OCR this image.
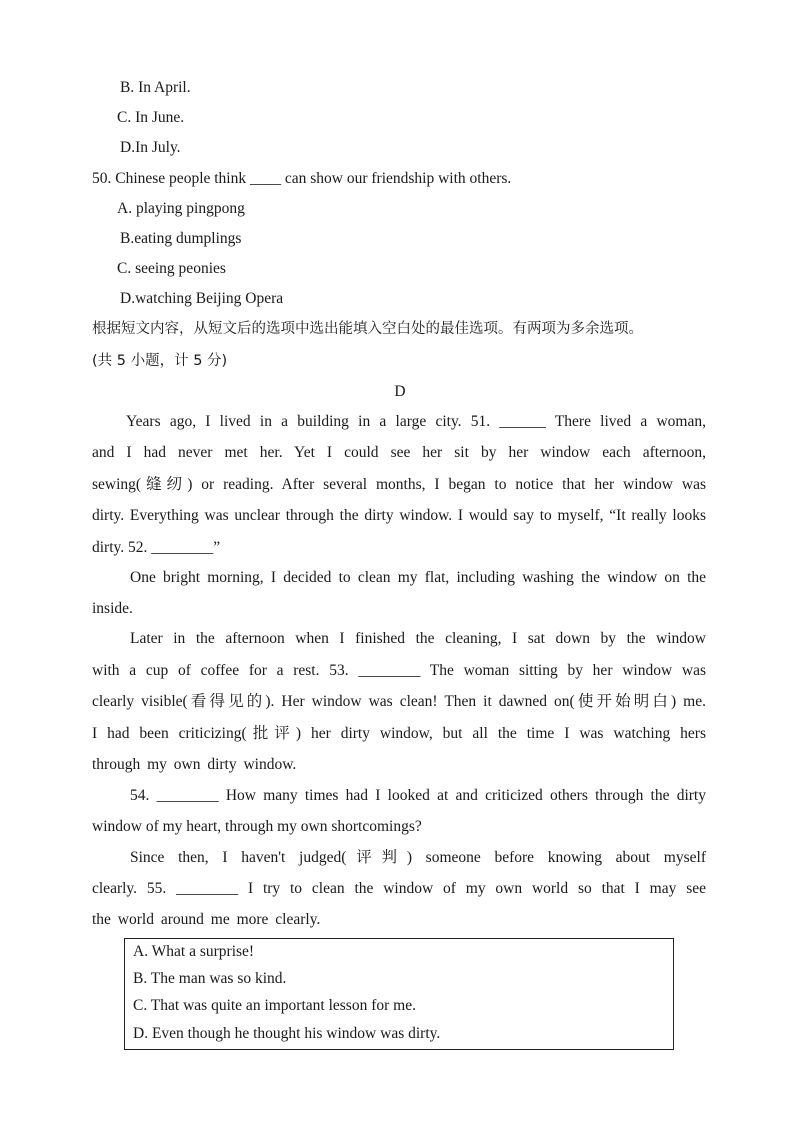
B. In April.
C. In June.
D.In July.
50. Chinese people think ____ can show our friendship with others.
A. playing pingpong
B.eating dumplings
C. seeing peonies
D.watching Beijing Opera
根据短文内容，从短文后的选项中选出能填入空白处的最佳选项。有两项为多余选项。
(共 5 小题，计 5 分)
D
Years ago, I lived in a building in a large city. 51. ______ There lived a woman,
and I had never met her. Yet I could see her sit by her window each afternoon,
sewing(缝纫) or reading. After several months, I began to notice that her window was
dirty. Everything was unclear through the dirty window. I would say to myself, “It really looks
dirty. 52. ________”
One bright morning, I decided to clean my flat, including washing the window on the
inside.
Later in the afternoon when I finished the cleaning, I sat down by the window
with a cup of coffee for a rest. 53. ________ The woman sitting by her window was
clearly visible(看得见的). Her window was clean! Then it dawned on(使开始明白) me.
I had been criticizing(批评) her dirty window, but all the time I was watching hers
through my own dirty window.
54. ________ How many times had I looked at and criticized others through the dirty
window of my heart, through my own shortcomings?
Since then, I haven't judged(评判) someone before knowing about myself
clearly. 55. ________ I try to clean the window of my own world so that I may see
the world around me more clearly.
A. What a surprise!
B. The man was so kind.
C. That was quite an important lesson for me.
D. Even though he thought his window was dirty.
